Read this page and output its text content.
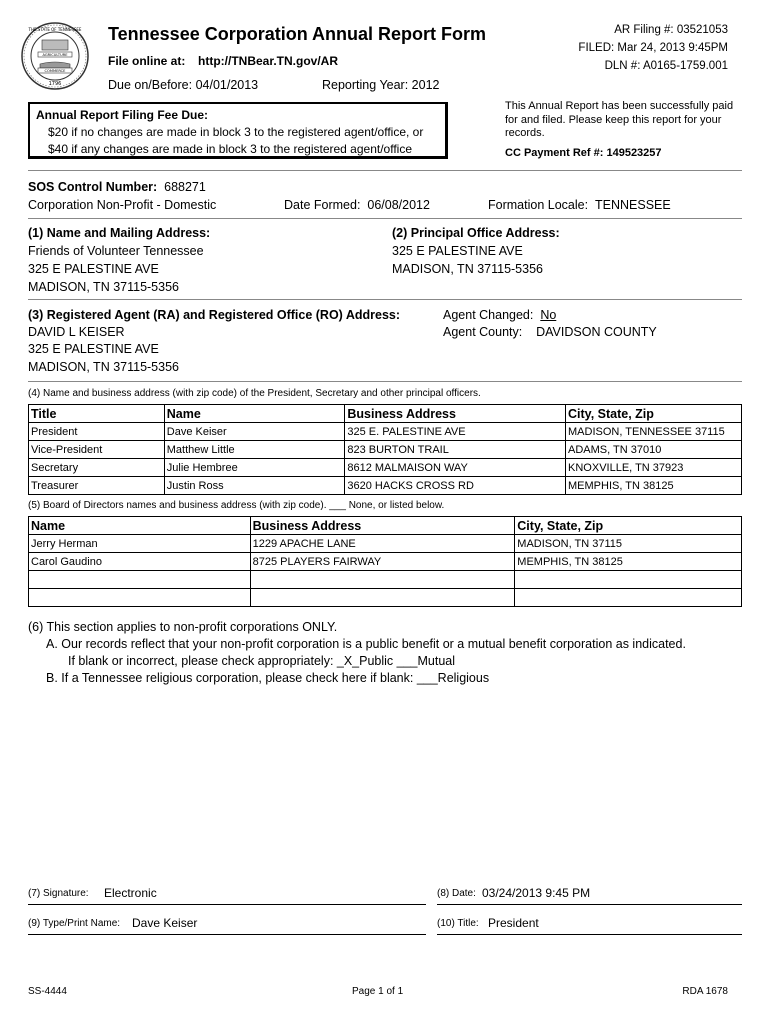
AGRICULTURE
COMMERCE
1796
THE STATE OF TENNESSEE Tennessee Corporation Annual Report Form
File online at: http://TNBear.TN.gov/AR
Due on/Before: 04/01/2013	Reporting Year: 2012
AR Filing #: 03521053
FILED: Mar 24, 2013 9:45PM
DLN #: A0165-1759.001
Annual Report Filing Fee Due:
$20 if no changes are made in block 3 to the registered agent/office, or
$40 if any changes are made in block 3 to the registered agent/office
This Annual Report has been successfully paid for and filed. Please keep this report for your records.
CC Payment Ref #: 149523257
SOS Control Number: 688271
Corporation Non-Profit - Domestic	Date Formed: 06/08/2012	Formation Locale: TENNESSEE
(1) Name and Mailing Address:
Friends of Volunteer Tennessee
325 E PALESTINE AVE
MADISON, TN 37115-5356
(2) Principal Office Address:
325 E PALESTINE AVE
MADISON, TN 37115-5356
(3) Registered Agent (RA) and Registered Office (RO) Address:
DAVID L KEISER
325 E PALESTINE AVE
MADISON, TN 37115-5356
Agent Changed: No
Agent County: DAVIDSON COUNTY
(4) Name and business address (with zip code) of the President, Secretary and other principal officers.
Title	Name	Business Address	City, State, Zip
President	Dave Keiser	325 E. PALESTINE AVE	MADISON, TENNESSEE 37115
Vice-President	Matthew Little	823 BURTON TRAIL	ADAMS, TN 37010
Secretary	Julie Hembree	8612 MALMAISON WAY	KNOXVILLE, TN 37923
Treasurer	Justin Ross	3620 HACKS CROSS RD	MEMPHIS, TN 38125
(5) Board of Directors names and business address (with zip code). ___ None, or listed below.
Name	Business Address	City, State, Zip
Jerry Herman	1229 APACHE LANE	MADISON, TN 37115
Carol Gaudino	8725 PLAYERS FAIRWAY	MEMPHIS, TN 38125

(6) This section applies to non-profit corporations ONLY.
A. Our records reflect that your non-profit corporation is a public benefit or a mutual benefit corporation as indicated.
If blank or incorrect, please check appropriately: _X_Public ___Mutual
B. If a Tennessee religious corporation, please check here if blank: ___Religious
(7) Signature: Electronic	(8) Date: 03/24/2013 9:45 PM
(9) Type/Print Name: Dave Keiser	(10) Title: President
SS-4444	Page 1 of 1	RDA 1678
